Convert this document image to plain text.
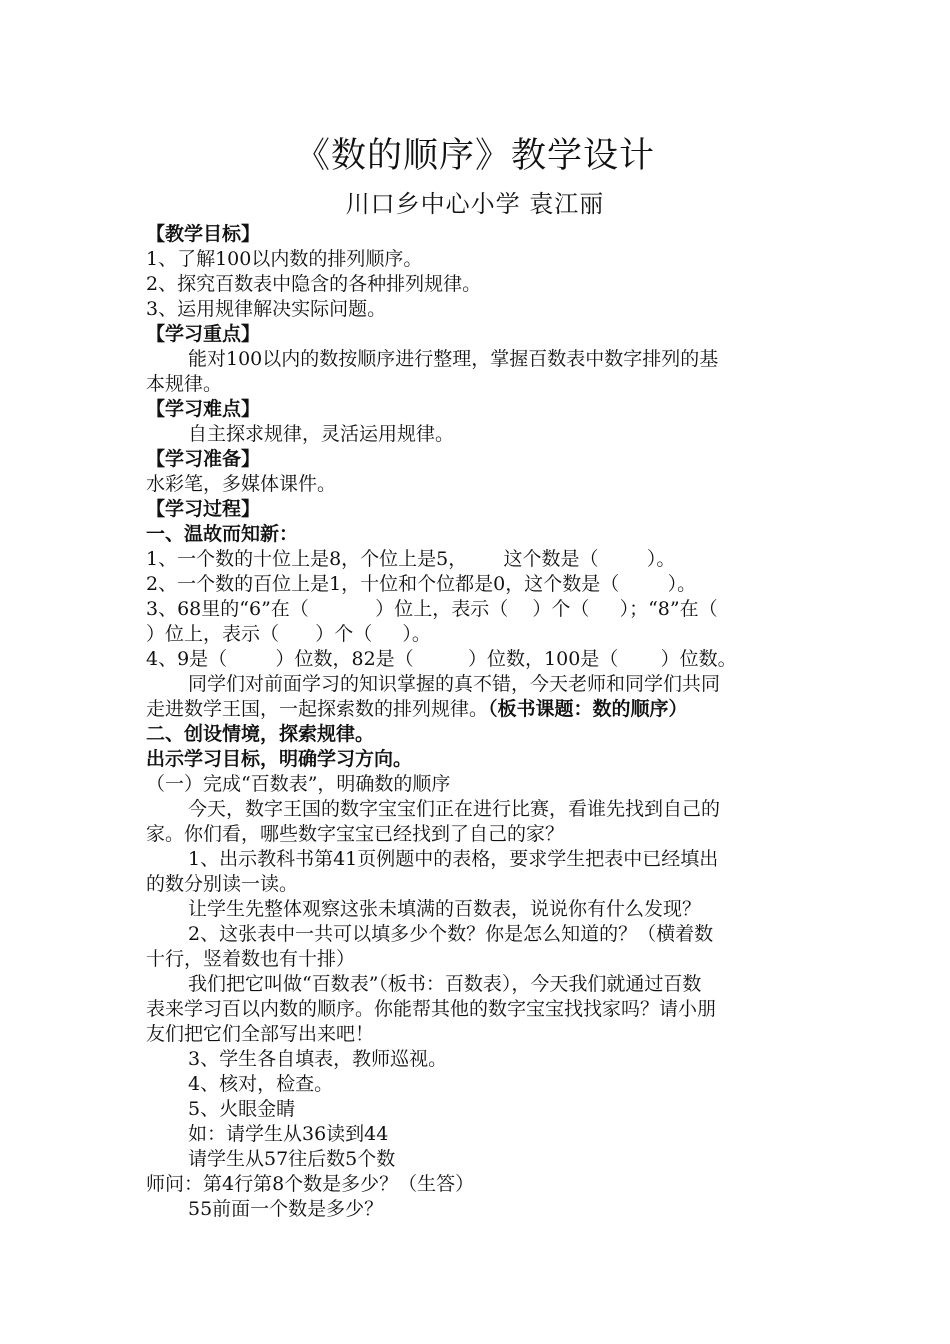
《数的顺序》教学设计
川口乡中心小学 袁江丽

【教学目标】

1、了解100以内数的排列顺序。

2、探究百数表中隐含的各种排列规律。

3、运用规律解决实际问题。

【学习重点】

能对100以内的数按顺序进行整理，掌握百数表中数字排列的基

本规律。

【学习难点】

自主探求规律，灵活运用规律。

【学习准备】

水彩笔，多媒体课件。

【学习过程】

一、温故而知新：

1、一个数的十位上是8，个位上是5，      这个数是（        ）。

2、一个数的百位上是1，十位和个位都是0，这个数是（        ）。

3、68里的“6”在（           ）位上，表示（    ）个（     ）；“8”在（

）位上，表示（      ）个（     ）。

4、9是（        ）位数，82是（         ）位数，100是（       ）位数。

同学们对前面学习的知识掌握的真不错，今天老师和同学们共同

走进数学王国，一起探索数的排列规律。（板书课题：数的顺序）

二、创设情境，探索规律。

出示学习目标，明确学习方向。

（一）完成“百数表”，明确数的顺序

今天，数字王国的数字宝宝们正在进行比赛，看谁先找到自己的

家。你们看，哪些数字宝宝已经找到了自己的家？

1、出示教科书第41页例题中的表格，要求学生把表中已经填出

的数分别读一读。

让学生先整体观察这张未填满的百数表，说说你有什么发现？

2、这张表中一共可以填多少个数？你是怎么知道的？（横着数

十行，竖着数也有十排）

我们把它叫做“百数表”（板书：百数表），今天我们就通过百数

表来学习百以内数的顺序。你能帮其他的数字宝宝找找家吗？请小朋

友们把它们全部写出来吧！

3、学生各自填表，教师巡视。

4、核对，检查。

5、火眼金睛

如：请学生从36读到44

请学生从57往后数5个数

师问：第4行第8个数是多少？（生答）

55前面一个数是多少？
